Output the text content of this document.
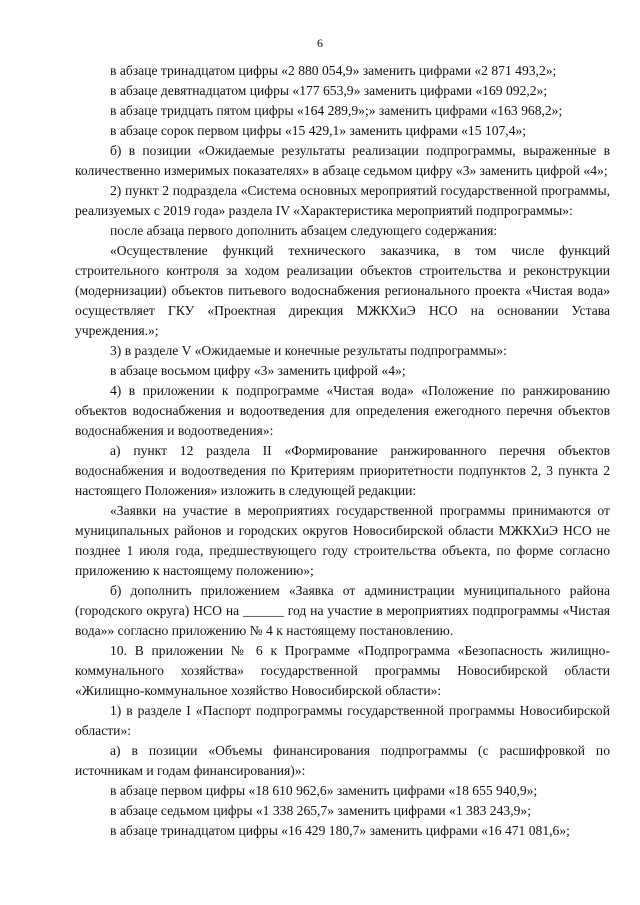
6

в абзаце тринадцатом цифры «2 880 054,9» заменить цифрами «2 871 493,2»;

в абзаце девятнадцатом цифры «177 653,9» заменить цифрами «169 092,2»;

в абзаце тридцать пятом цифры «164 289,9»;» заменить цифрами «163 968,2»;

в абзаце сорок первом цифры «15 429,1» заменить цифрами «15 107,4»;

б) в позиции «Ожидаемые результаты реализации подпрограммы, выраженные в количественно измеримых показателях» в абзаце седьмом цифру «3» заменить цифрой «4»;

2) пункт 2 подраздела «Система основных мероприятий государственной программы, реализуемых с 2019 года» раздела IV «Характеристика мероприятий подпрограммы»:

после абзаца первого дополнить абзацем следующего содержания:

«Осуществление функций технического заказчика, в том числе функций строительного контроля за ходом реализации объектов строительства и реконструкции (модернизации) объектов питьевого водоснабжения регионального проекта «Чистая вода» осуществляет ГКУ «Проектная дирекция МЖКХиЭ НСО на основании Устава учреждения.»;

3) в разделе V «Ожидаемые и конечные результаты подпрограммы»:

в абзаце восьмом цифру «3» заменить цифрой «4»;

4) в приложении к подпрограмме «Чистая вода» «Положение по ранжированию объектов водоснабжения и водоотведения для определения ежегодного перечня объектов водоснабжения и водоотведения»:

а) пункт 12 раздела II «Формирование ранжированного перечня объектов водоснабжения и водоотведения по Критериям приоритетности подпунктов 2, 3 пункта 2 настоящего Положения» изложить в следующей редакции:

«Заявки на участие в мероприятиях государственной программы принимаются от муниципальных районов и городских округов Новосибирской области МЖКХиЭ НСО не позднее 1 июля года, предшествующего году строительства объекта, по форме согласно приложению к настоящему положению»;

б) дополнить приложением «Заявка от администрации муниципального района (городского округа) НСО на ______ год на участие в мероприятиях подпрограммы «Чистая вода»» согласно приложению № 4 к настоящему постановлению.

10. В приложении № 6 к Программе «Подпрограмма «Безопасность жилищно-коммунального хозяйства» государственной программы Новосибирской области «Жилищно-коммунальное хозяйство Новосибирской области»:

1) в разделе I «Паспорт подпрограммы государственной программы Новосибирской области»:

а) в позиции «Объемы финансирования подпрограммы (с расшифровкой по источникам и годам финансирования)»:

в абзаце первом цифры «18 610 962,6» заменить цифрами «18 655 940,9»;

в абзаце седьмом цифры «1 338 265,7» заменить цифрами «1 383 243,9»;

в абзаце тринадцатом цифры «16 429 180,7» заменить цифрами «16 471 081,6»;
